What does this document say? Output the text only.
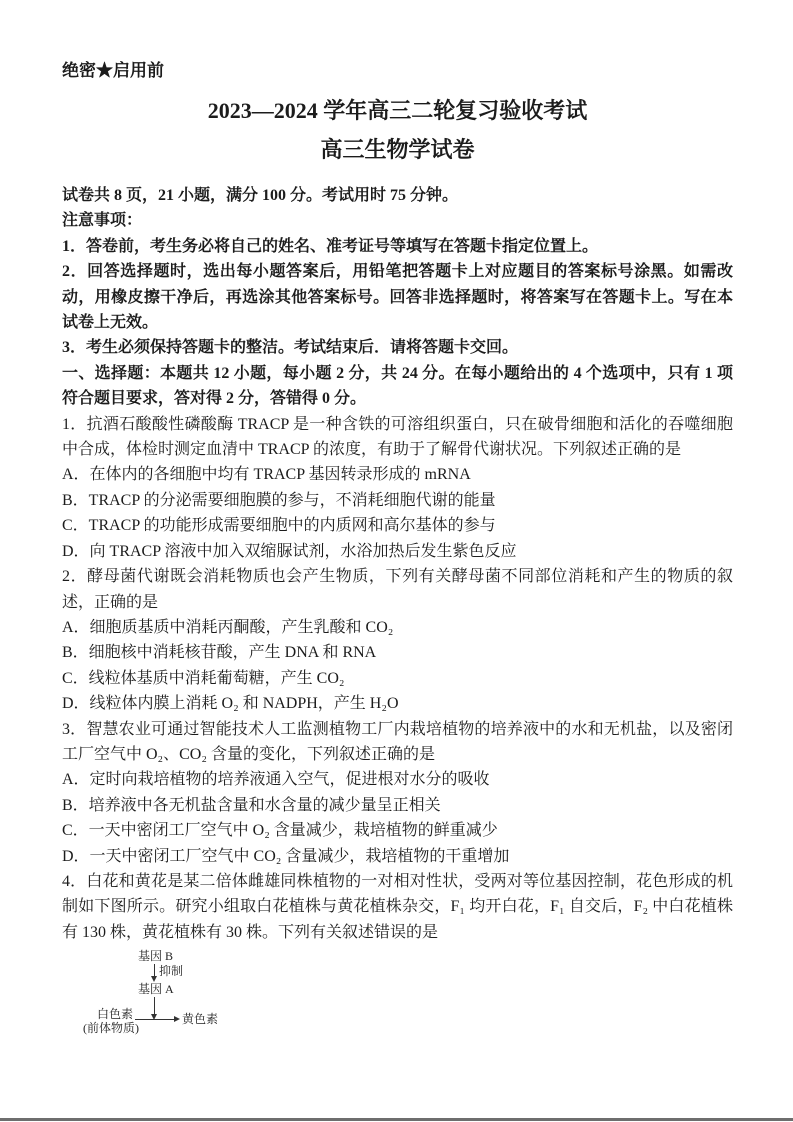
绝密★启用前
2023—2024 学年高三二轮复习验收考试
高三生物学试卷

试卷共 8 页，21 小题，满分 100 分。考试用时 75 分钟。

注意事项：

1．答卷前，考生务必将自己的姓名、准考证号等填写在答题卡指定位置上。

2．回答选择题时，选出每小题答案后，用铅笔把答题卡上对应题目的答案标号涂黑。如需改动，用橡皮擦干净后，再选涂其他答案标号。回答非选择题时，将答案写在答题卡上。写在本试卷上无效。

3．考生必须保持答题卡的整洁。考试结束后．请将答题卡交回。

一、选择题：本题共 12 小题，每小题 2 分，共 24 分。在每小题给出的 4 个选项中，只有 1 项符合题目要求，答对得 2 分，答错得 0 分。

1．抗酒石酸酸性磷酸酶 TRACP 是一种含铁的可溶组织蛋白，只在破骨细胞和活化的吞噬细胞中合成，体检时测定血清中 TRACP 的浓度，有助于了解骨代谢状况。下列叙述正确的是

A．在体内的各细胞中均有 TRACP 基因转录形成的 mRNA

B．TRACP 的分泌需要细胞膜的参与，不消耗细胞代谢的能量

C．TRACP 的功能形成需要细胞中的内质网和高尔基体的参与

D．向 TRACP 溶液中加入双缩脲试剂，水浴加热后发生紫色反应

2．酵母菌代谢既会消耗物质也会产生物质，下列有关酵母菌不同部位消耗和产生的物质的叙述，正确的是

A．细胞质基质中消耗丙酮酸，产生乳酸和 CO₂

B．细胞核中消耗核苷酸，产生 DNA 和 RNA

C．线粒体基质中消耗葡萄糖，产生 CO₂

D．线粒体内膜上消耗 O₂ 和 NADPH，产生 H₂O

3．智慧农业可通过智能技术人工监测植物工厂内栽培植物的培养液中的水和无机盐，以及密闭工厂空气中 O₂、CO₂ 含量的变化，下列叙述正确的是

A．定时向栽培植物的培养液通入空气，促进根对水分的吸收

B．培养液中各无机盐含量和水含量的减少量呈正相关

C．一天中密闭工厂空气中 O₂ 含量减少，栽培植物的鲜重减少

D．一天中密闭工厂空气中 CO₂ 含量减少，栽培植物的干重增加

4．白花和黄花是某二倍体雌雄同株植物的一对相对性状，受两对等位基因控制，花色形成的机制如下图所示。研究小组取白花植株与黄花植株杂交，F₁ 均开白花，F₁ 自交后，F₂ 中白花植株有 130 株，黄花植株有 30 株。下列有关叙述错误的是

基因 B
抑制
基因 A
白色素
(前体物质)
黄色素
